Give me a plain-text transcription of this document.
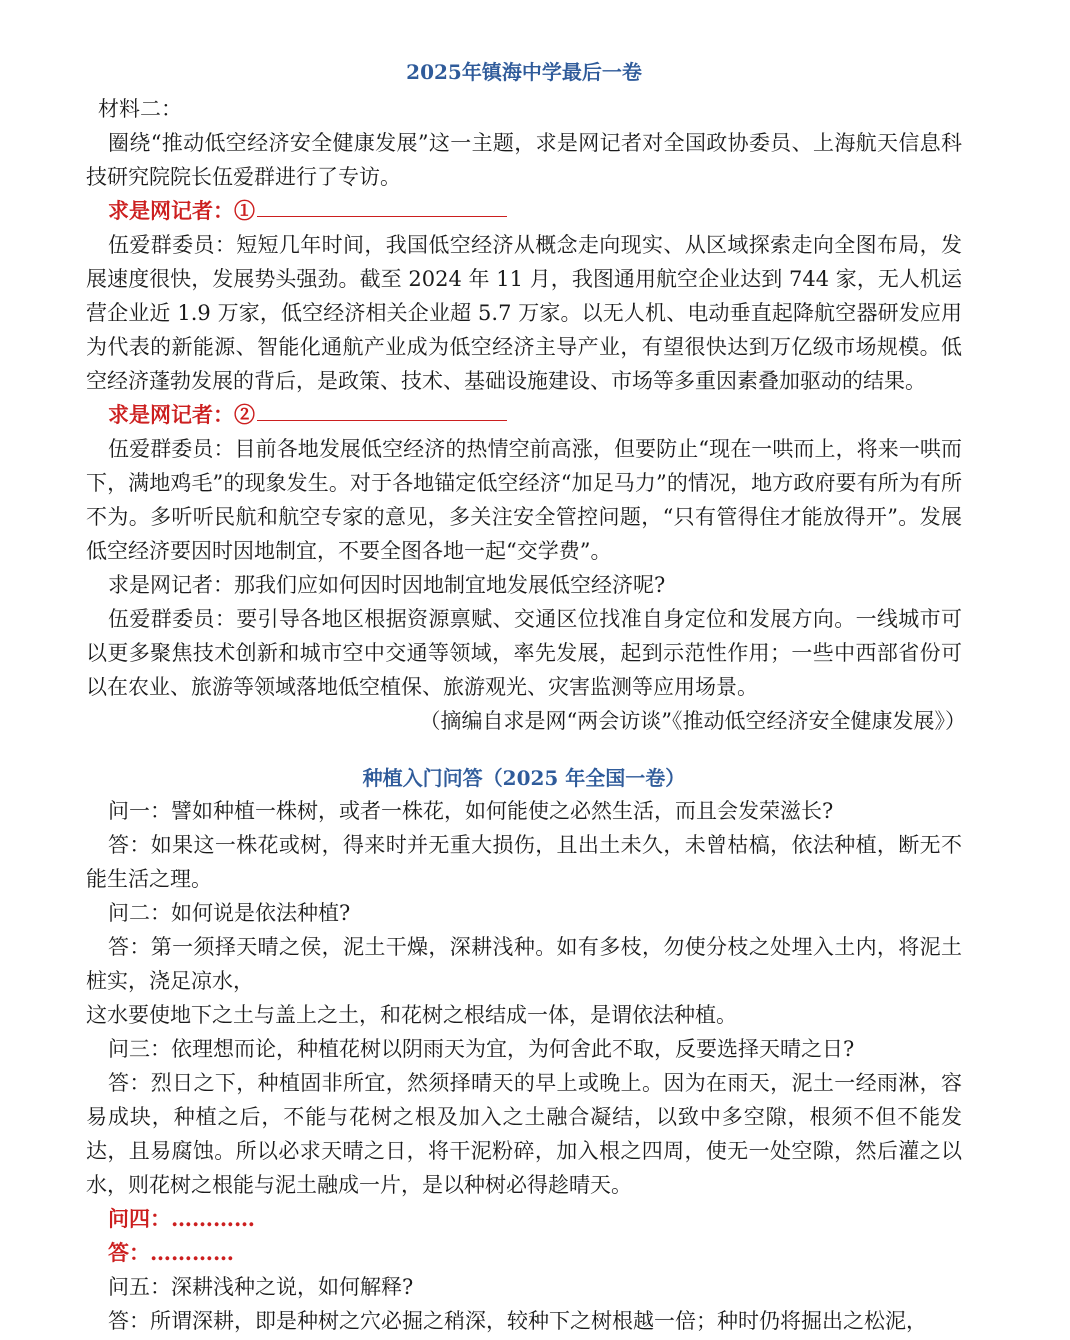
2025年镇海中学最后一卷

材料二：

圈绕“推动低空经济安全健康发展”这一主题，求是网记者对全国政协委员、上海航天信息科技研究院院长伍爱群进行了专访。

求是网记者：①

伍爱群委员：短短几年时间，我国低空经济从概念走向现实、从区域探索走向全图布局，发展速度很快，发展势头强劲。截至 2024 年 11 月，我图通用航空企业达到 744 家，无人机运营企业近 1.9 万家，低空经济相关企业超 5.7 万家。以无人机、电动垂直起降航空器研发应用为代表的新能源、智能化通航产业成为低空经济主导产业，有望很快达到万亿级市场规模。低空经济蓬勃发展的背后，是政策、技术、基础设施建设、市场等多重因素叠加驱动的结果。

求是网记者：②

伍爱群委员：目前各地发展低空经济的热情空前高涨，但要防止“现在一哄而上，将来一哄而下，满地鸡毛”的现象发生。对于各地锚定低空经济“加足马力”的情况，地方政府要有所为有所不为。多听听民航和航空专家的意见，多关注安全管控问题，“只有管得住才能放得开”。发展低空经济要因时因地制宜，不要全图各地一起“交学费”。

求是网记者：那我们应如何因时因地制宜地发展低空经济呢?

伍爱群委员：要引导各地区根据资源禀赋、交通区位找准自身定位和发展方向。一线城市可以更多聚焦技术创新和城市空中交通等领域，率先发展，起到示范性作用；一些中西部省份可以在农业、旅游等领域落地低空植保、旅游观光、灾害监测等应用场景。

（摘编自求是网“两会访谈”《推动低空经济安全健康发展》）

种植入门问答（2025 年全国一卷）

问一：譬如种植一株树，或者一株花，如何能使之必然生活，而且会发荣滋长?

答：如果这一株花或树，得来时并无重大损伤，且出土未久，未曾枯槁，依法种植，断无不能生活之理。

问二：如何说是依法种植?

答：第一须择天晴之侯，泥土干燥，深耕浅种。如有多枝，勿使分枝之处埋入土内，将泥土桩实，浇足凉水，

这水要使地下之土与盖上之土，和花树之根结成一体，是谓依法种植。

问三：依理想而论，种植花树以阴雨天为宜，为何舍此不取，反要选择天晴之日?

答：烈日之下，种植固非所宜，然须择晴天的早上或晚上。因为在雨天，泥土一经雨淋，容易成块，种植之后，不能与花树之根及加入之土融合凝结，以致中多空隙，根须不但不能发达，且易腐蚀。所以必求天晴之日，将干泥粉碎，加入根之四周，使无一处空隙，然后灌之以水，则花树之根能与泥土融成一片，是以种树必得趁晴天。

问四：…………

答：…………

问五：深耕浅种之说，如何解释?

答：所谓深耕，即是种树之穴必掘之稍深，较种下之树根越一倍；种时仍将掘出之松泥，
